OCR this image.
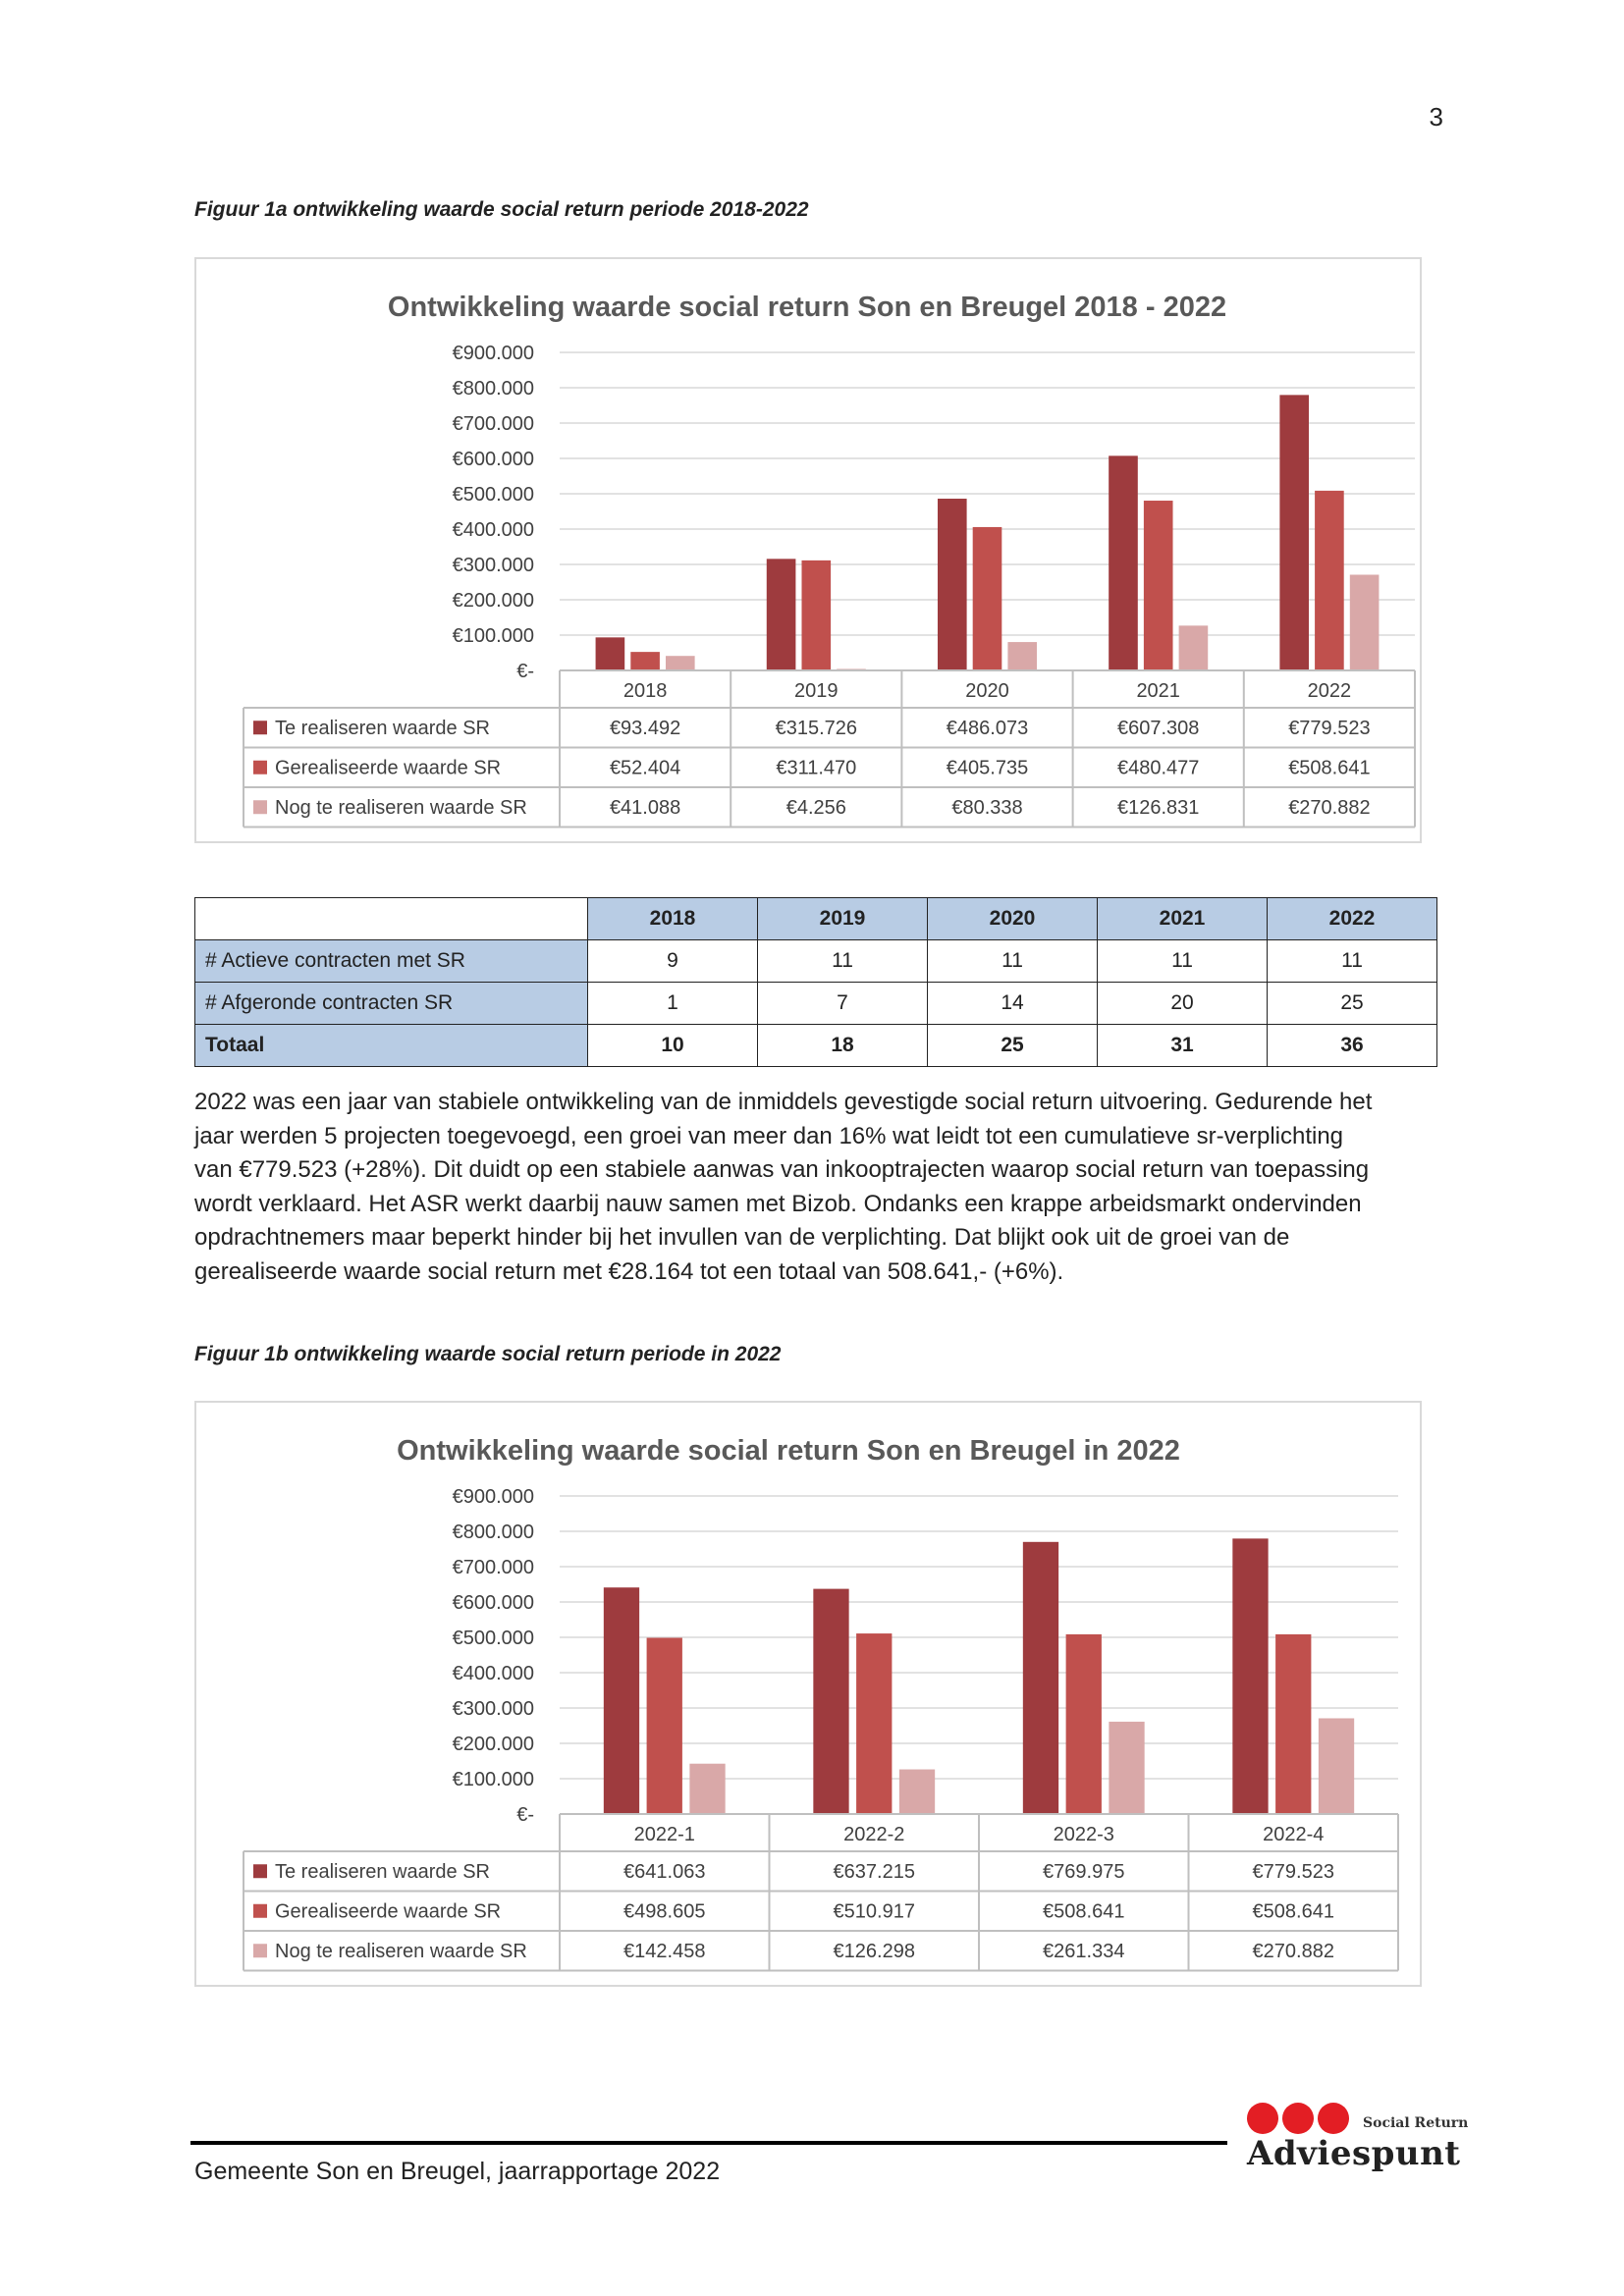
3
Figuur 1a ontwikkeling waarde social return periode 2018-2022
Ontwikkeling waarde social return Son en Breugel 2018 - 2022
€-
€100.000
€200.000
€300.000
€400.000
€500.000
€600.000
€700.000
€800.000
€900.000
2018	2019	2020	2021	2022
Te realiseren waarde SR	€93.492	€315.726	€486.073	€607.308	€779.523
Gerealiseerde waarde SR	€52.404	€311.470	€405.735	€480.477	€508.641
Nog te realiseren waarde SR	€41.088	€4.256	€80.338	€126.831	€270.882
	2018	2019	2020	2021	2022
# Actieve contracten met SR	9	11	11	11	11
# Afgeronde contracten SR	1	7	14	20	25
Totaal	10	18	25	31	36
2022 was een jaar van stabiele ontwikkeling van de inmiddels gevestigde social return uitvoering. Gedurende het
jaar werden 5 projecten toegevoegd, een groei van meer dan 16% wat leidt tot een cumulatieve sr-verplichting
van €779.523 (+28%). Dit duidt op een stabiele aanwas van inkooptrajecten waarop social return van toepassing
wordt verklaard. Het ASR werkt daarbij nauw samen met Bizob. Ondanks een krappe arbeidsmarkt ondervinden
opdrachtnemers maar beperkt hinder bij het invullen van de verplichting. Dat blijkt ook uit de groei van de
gerealiseerde waarde social return met €28.164 tot een totaal van 508.641,- (+6%).
Figuur 1b ontwikkeling waarde social return periode in 2022
Ontwikkeling waarde social return Son en Breugel in 2022
€-
€100.000
€200.000
€300.000
€400.000
€500.000
€600.000
€700.000
€800.000
€900.000
2022-1	2022-2	2022-3	2022-4
Te realiseren waarde SR	€641.063	€637.215	€769.975	€779.523
Gerealiseerde waarde SR	€498.605	€510.917	€508.641	€508.641
Nog te realiseren waarde SR	€142.458	€126.298	€261.334	€270.882
Gemeente Son en Breugel, jaarrapportage 2022
Social Return
Adviespunt
